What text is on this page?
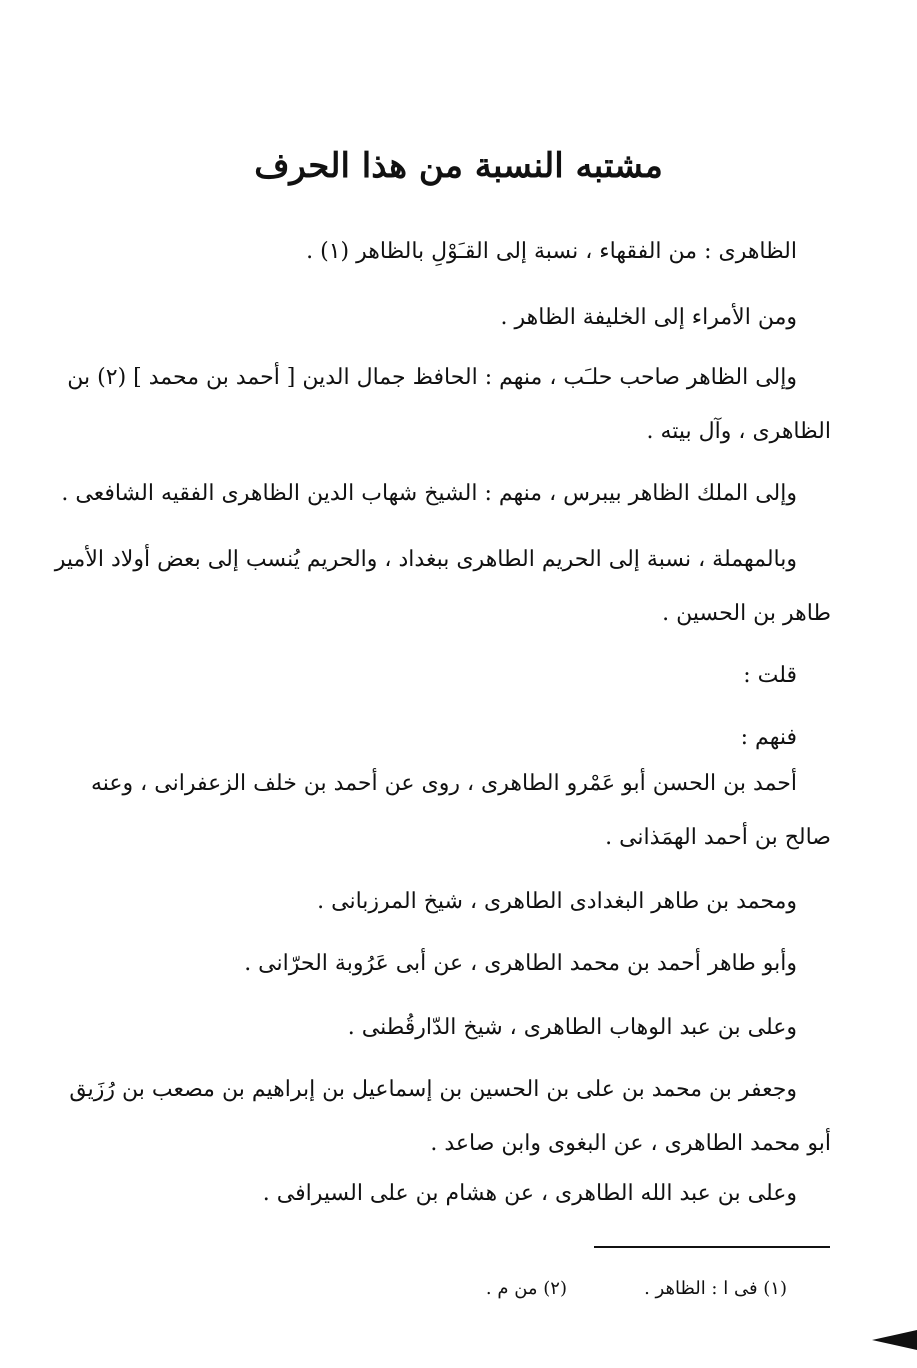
مشتبه النسبة من هذا الحرف
الظاهرى : من الفقهاء ، نسبة إلى القـَوْلِ بالظاهر (١) .
ومن الأمراء إلى الخليفة الظاهر .
وإلى الظاهر صاحب حلـَب ، منهم : الحافظ جمال الدين [ أحمد بن محمد ] (٢) بن
الظاهرى ، وآل بيته .
وإلى الملك الظاهر بيبرس ، منهم : الشيخ شهاب الدين الظاهرى الفقيه الشافعى .
وبالمهملة ، نسبة إلى الحريم الطاهرى ببغداد ، والحريم يُنسب إلى بعض أولاد الأمير
طاهر بن الحسين .
قلت :
فنهم :
أحمد بن الحسن أبو عَمْرو الطاهرى ، روى عن أحمد بن خلف الزعفرانى ، وعنه
صالح بن أحمد الهمَذانى .
ومحمد بن طاهر البغدادى الطاهرى ، شيخ المرزبانى .
وأبو طاهر أحمد بن محمد الطاهرى ، عن أبى عَرُوبة الحرّانى .
وعلى بن عبد الوهاب الطاهرى ، شيخ الدّارقُطنى .
وجعفر بن محمد بن على بن الحسين بن إسماعيل بن إبراهيم بن مصعب بن رُزَيق
أبو محمد الطاهرى ، عن البغوى وابن صاعد .
وعلى بن عبد الله الطاهرى ، عن هشام بن على السيرافى .
(١) فى ا : الظاهر .
(٢) من م .
